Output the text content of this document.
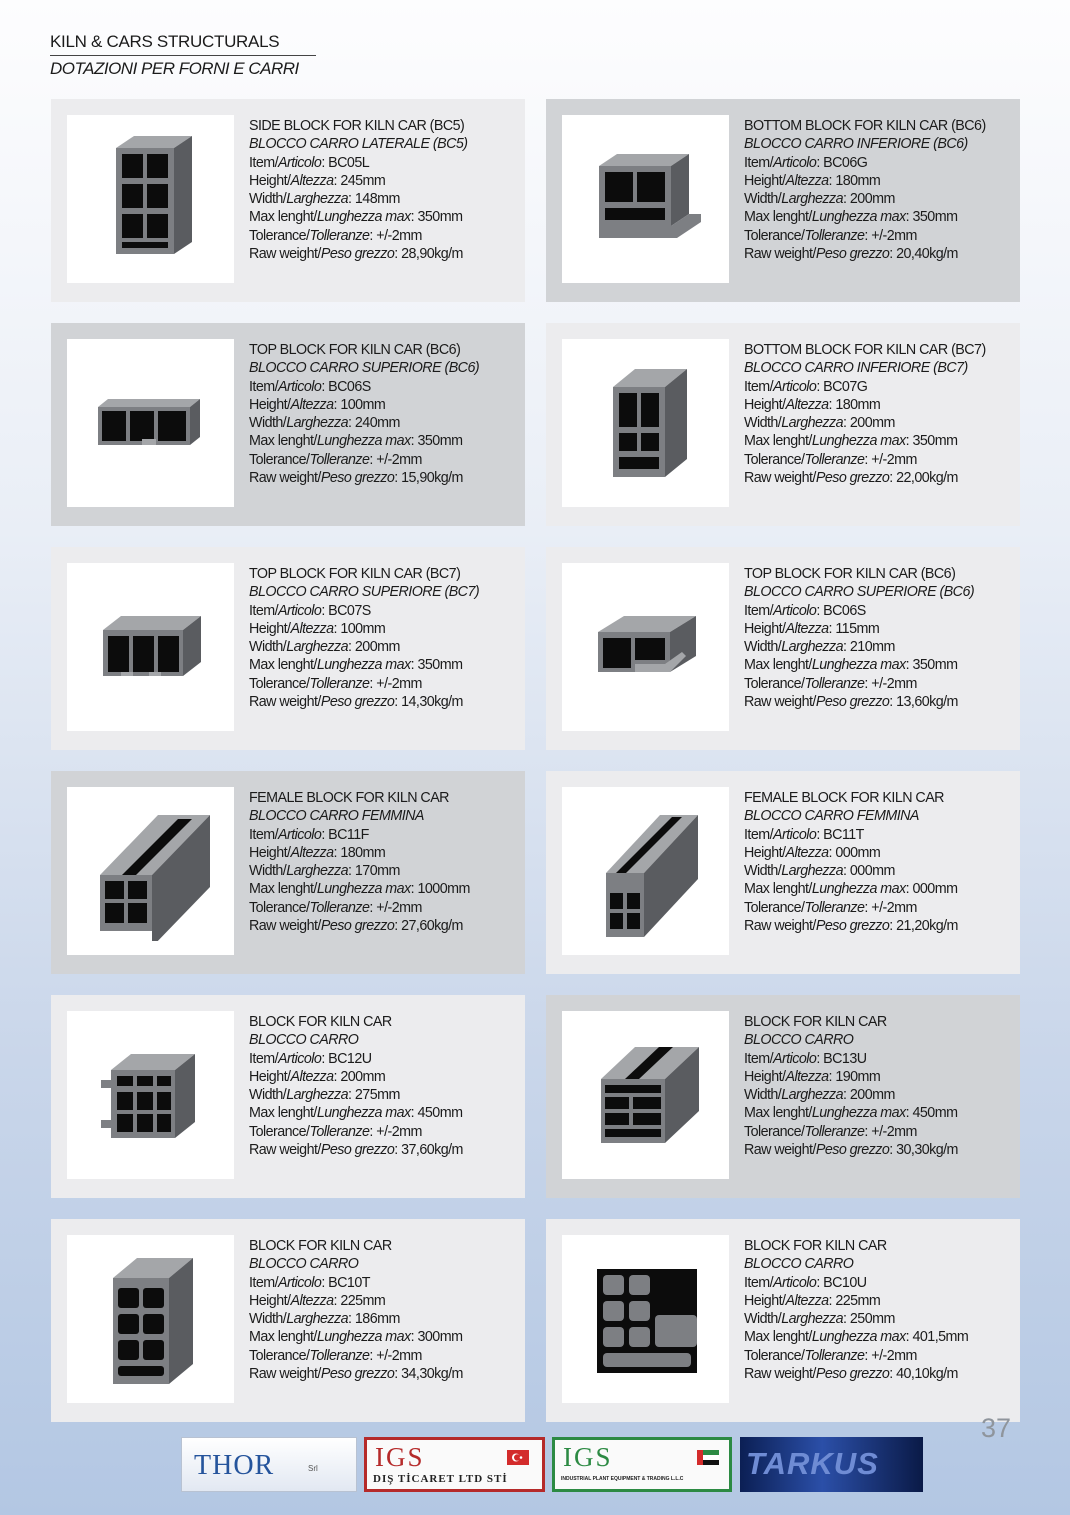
KILN & CARS STRUCTURALS
DOTAZIONI PER FORNI E CARRI
SIDE BLOCK FOR KILN CAR (BC5)
BLOCCO CARRO LATERALE (BC5)
Item/Articolo: BC05L
Height/Altezza: 245mm
Width/Larghezza: 148mm
Max lenght/Lunghezza max: 350mm
Tolerance/Tolleranze: +/-2mm
Raw weight/Peso grezzo: 28,90kg/m
BOTTOM BLOCK FOR KILN CAR (BC6)
BLOCCO CARRO INFERIORE (BC6)
Item/Articolo: BC06G
Height/Altezza: 180mm
Width/Larghezza: 200mm
Max lenght/Lunghezza max: 350mm
Tolerance/Tolleranze: +/-2mm
Raw weight/Peso grezzo: 20,40kg/m
TOP BLOCK FOR KILN CAR (BC6)
BLOCCO CARRO SUPERIORE (BC6)
Item/Articolo: BC06S
Height/Altezza: 100mm
Width/Larghezza: 240mm
Max lenght/Lunghezza max: 350mm
Tolerance/Tolleranze: +/-2mm
Raw weight/Peso grezzo: 15,90kg/m
BOTTOM BLOCK FOR KILN CAR (BC7)
BLOCCO CARRO INFERIORE (BC7)
Item/Articolo: BC07G
Height/Altezza: 180mm
Width/Larghezza: 200mm
Max lenght/Lunghezza max: 350mm
Tolerance/Tolleranze: +/-2mm
Raw weight/Peso grezzo: 22,00kg/m
TOP BLOCK FOR KILN CAR (BC7)
BLOCCO CARRO SUPERIORE (BC7)
Item/Articolo: BC07S
Height/Altezza: 100mm
Width/Larghezza: 200mm
Max lenght/Lunghezza max: 350mm
Tolerance/Tolleranze: +/-2mm
Raw weight/Peso grezzo: 14,30kg/m
TOP BLOCK FOR KILN CAR (BC6)
BLOCCO CARRO SUPERIORE (BC6)
Item/Articolo: BC06S
Height/Altezza: 115mm
Width/Larghezza: 210mm
Max lenght/Lunghezza max: 350mm
Tolerance/Tolleranze: +/-2mm
Raw weight/Peso grezzo: 13,60kg/m
FEMALE BLOCK FOR KILN CAR
BLOCCO CARRO FEMMINA
Item/Articolo: BC11F
Height/Altezza: 180mm
Width/Larghezza: 170mm
Max lenght/Lunghezza max: 1000mm
Tolerance/Tolleranze: +/-2mm
Raw weight/Peso grezzo: 27,60kg/m
FEMALE BLOCK FOR KILN CAR
BLOCCO CARRO FEMMINA
Item/Articolo: BC11T
Height/Altezza: 000mm
Width/Larghezza: 000mm
Max lenght/Lunghezza max: 000mm
Tolerance/Tolleranze: +/-2mm
Raw weight/Peso grezzo: 21,20kg/m
BLOCK FOR KILN CAR
BLOCCO CARRO
Item/Articolo: BC12U
Height/Altezza: 200mm
Width/Larghezza: 275mm
Max lenght/Lunghezza max: 450mm
Tolerance/Tolleranze: +/-2mm
Raw weight/Peso grezzo: 37,60kg/m
BLOCK FOR KILN CAR
BLOCCO CARRO
Item/Articolo: BC13U
Height/Altezza: 190mm
Width/Larghezza: 200mm
Max lenght/Lunghezza max: 450mm
Tolerance/Tolleranze: +/-2mm
Raw weight/Peso grezzo: 30,30kg/m
BLOCK FOR KILN CAR
BLOCCO CARRO
Item/Articolo: BC10T
Height/Altezza: 225mm
Width/Larghezza: 186mm
Max lenght/Lunghezza max: 300mm
Tolerance/Tolleranze: +/-2mm
Raw weight/Peso grezzo: 34,30kg/m
BLOCK FOR KILN CAR
BLOCCO CARRO
Item/Articolo: BC10U
Height/Altezza: 225mm
Width/Larghezza: 250mm
Max lenght/Lunghezza max: 401,5mm
Tolerance/Tolleranze: +/-2mm
Raw weight/Peso grezzo: 40,10kg/m
37
THOR	Srl IGS
DIŞ TİCARET LTD STİ
IGS
INDUSTRIAL PLANT EQUIPMENT & TRADING L.L.C TARKUS
